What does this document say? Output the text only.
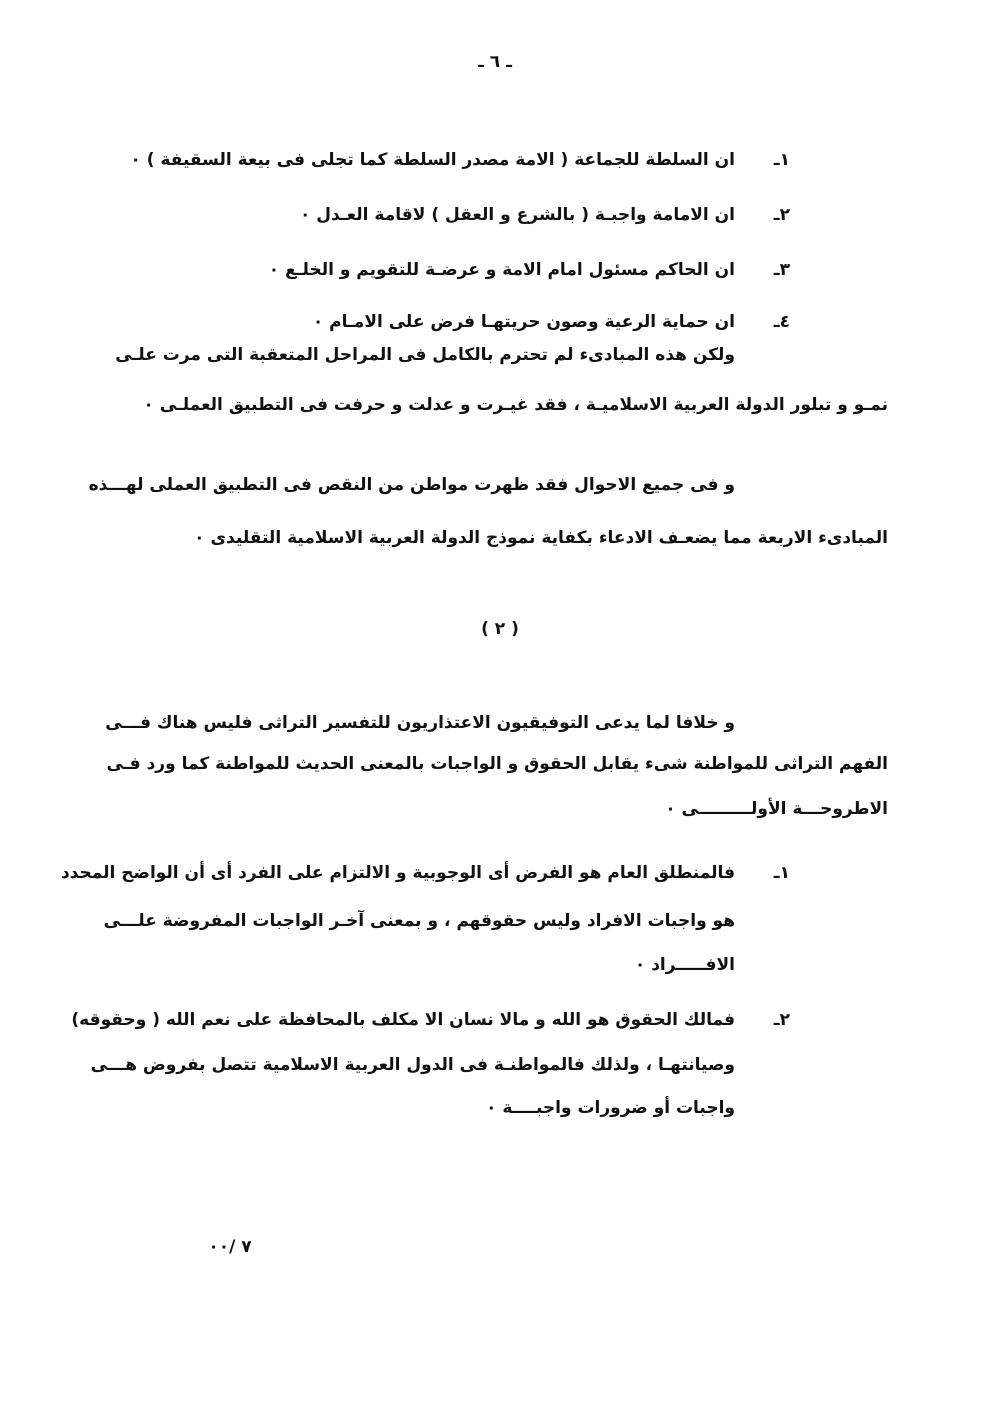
ـ ٦ ـ
١ـ
ان السلطة للجماعة ( الامة مصدر السلطة كما تجلى فى بيعة السقيفة ) ٠
٢ـ
ان الامامة واجبـة ( بالشرع و العقل ) لاقامة العـدل ٠
٣ـ
ان الحاكم مسئول امام الامة و عرضـة للتقويم و الخلـع ٠
٤ـ
ان حماية الرعية وصون حريتهـا فرض على الامـام ٠
ولكن هذه المبادىء لم تحترم بالكامل فى المراحل المتعقبة التى مرت علـى
نمـو و تبلور الدولة العربية الاسلاميـة ، فقد غيـرت و عدلت و حرفت فى التطبيق العملـى ٠
و فى جميع الاحوال فقد ظهرت مواطن من النقص فى التطبيق العملى لهـــذه
المبادىء الاربعة مما يضعـف الادعاء بكفاية نموذج الدولة العربية الاسلامية التقليدى ٠
( ٢ )
و خلافا لما يدعى التوفيقيون الاعتذاريون للتفسير التراثى فليس هناك فـــى
الفهم التراثى للمواطنة شىء يقابل الحقوق و الواجبات بالمعنى الحديث للمواطنة كما ورد فـى
الاطروحـــة الأولـــــــــى ٠
١ـ
فالمنطلق العام هو الفرض أى الوجوبية و الالتزام على الفرد أى أن الواضح المحدد
هو واجبات الافراد وليس حقوقهم ، و بمعنى آخـر الواجبات المفروضة علـــى
الافـــــراد ٠
٢ـ
فمالك الحقوق هو الله و مالا نسان الا مكلف بالمحافظة على نعم الله ( وحقوقه)
وصيانتهـا ، ولذلك فالمواطنـة فى الدول العربية الاسلامية تتصل بفروض هـــى
واجبات أو ضرورات واجبــــة ٠
٧ /٠٠
